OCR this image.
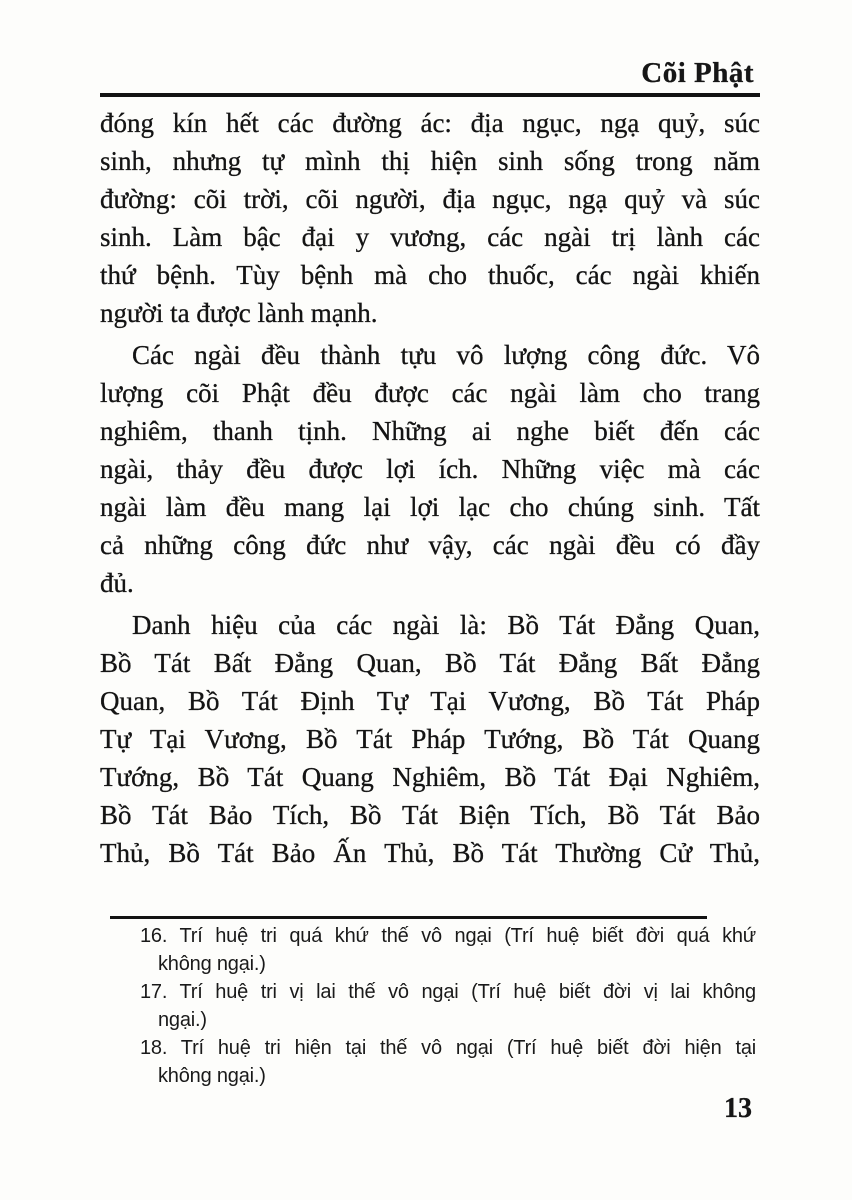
Cõi Phật
đóng kín hết các đường ác: địa ngục, ngạ quỷ, súc
sinh, nhưng tự mình thị hiện sinh sống trong năm
đường: cõi trời, cõi người, địa ngục, ngạ quỷ và súc
sinh. Làm bậc đại y vương, các ngài trị lành các
thứ bệnh. Tùy bệnh mà cho thuốc, các ngài khiến
người ta được lành mạnh.
Các ngài đều thành tựu vô lượng công đức. Vô
lượng cõi Phật đều được các ngài làm cho trang
nghiêm, thanh tịnh. Những ai nghe biết đến các
ngài, thảy đều được lợi ích. Những việc mà các
ngài làm đều mang lại lợi lạc cho chúng sinh. Tất
cả những công đức như vậy, các ngài đều có đầy
đủ.
Danh hiệu của các ngài là: Bồ Tát Đẳng Quan,
Bồ Tát Bất Đẳng Quan, Bồ Tát Đẳng Bất Đẳng
Quan, Bồ Tát Định Tự Tại Vương, Bồ Tát Pháp
Tự Tại Vương, Bồ Tát Pháp Tướng, Bồ Tát Quang
Tướng, Bồ Tát Quang Nghiêm, Bồ Tát Đại Nghiêm,
Bồ Tát Bảo Tích, Bồ Tát Biện Tích, Bồ Tát Bảo
Thủ, Bồ Tát Bảo Ấn Thủ, Bồ Tát Thường Cử Thủ,
16. Trí huệ tri quá khứ thế vô ngại (Trí huệ biết đời quá khứ
không ngại.)
17. Trí huệ tri vị lai thế vô ngại (Trí huệ biết đời vị lai không
ngại.)
18. Trí huệ tri hiện tại thế vô ngại (Trí huệ biết đời hiện tại
không ngại.)
13
